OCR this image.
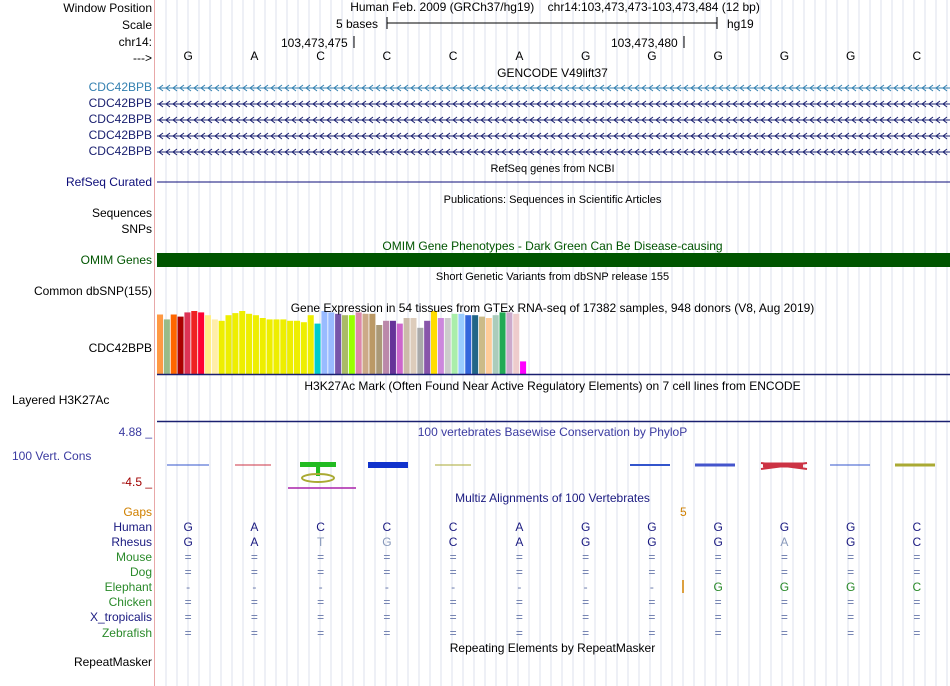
Window Position
Scale
chr14:
--->
CDC42BPB
CDC42BPB
CDC42BPB
CDC42BPB
CDC42BPB
RefSeq Curated
Sequences
SNPs
OMIM Genes
Common dbSNP(155)
CDC42BPB
Layered H3K27Ac
4.88 _
100 Vert. Cons
-4.5 _
Gaps
Human
Rhesus
Mouse
Dog
Elephant
Chicken
X_tropicalis
Zebrafish
RepeatMasker
Human Feb. 2009 (GRCh37/hg19) chr14:103,473,473-103,473,484 (12 bp)
5 bases	hg19
103,473,475	103,473,480
G	A	C	C	C	A	G	G	G	G	G	C
GENCODE V49lift37
RefSeq genes from NCBI
Publications: Sequences in Scientific Articles
OMIM Gene Phenotypes - Dark Green Can Be Disease-causing
Short Genetic Variants from dbSNP release 155
Gene Expression in 54 tissues from GTEx RNA-seq of 17382 samples, 948 donors (V8, Aug 2019)
H3K27Ac Mark (Often Found Near Active Regulatory Elements) on 7 cell lines from ENCODE
100 vertebrates Basewise Conservation by PhyloP
Multiz Alignments of 100 Vertebrates
5
G	A	C	C	C	A	G	G	G	G	G	C
G	A	T	G	C	A	G	G	G	A	G	C
=	=	=	=	=	=	=	=	=	=	=	=
=	=	=	=	=	=	=	=	=	=	=	=
-	-	-	-	-	-	-	-	G	G	G	C
=	=	=	=	=	=	=	=	=	=	=	=
=	=	=	=	=	=	=	=	=	=	=	=
=	=	=	=	=	=	=	=	=	=	=	=
Repeating Elements by RepeatMasker
